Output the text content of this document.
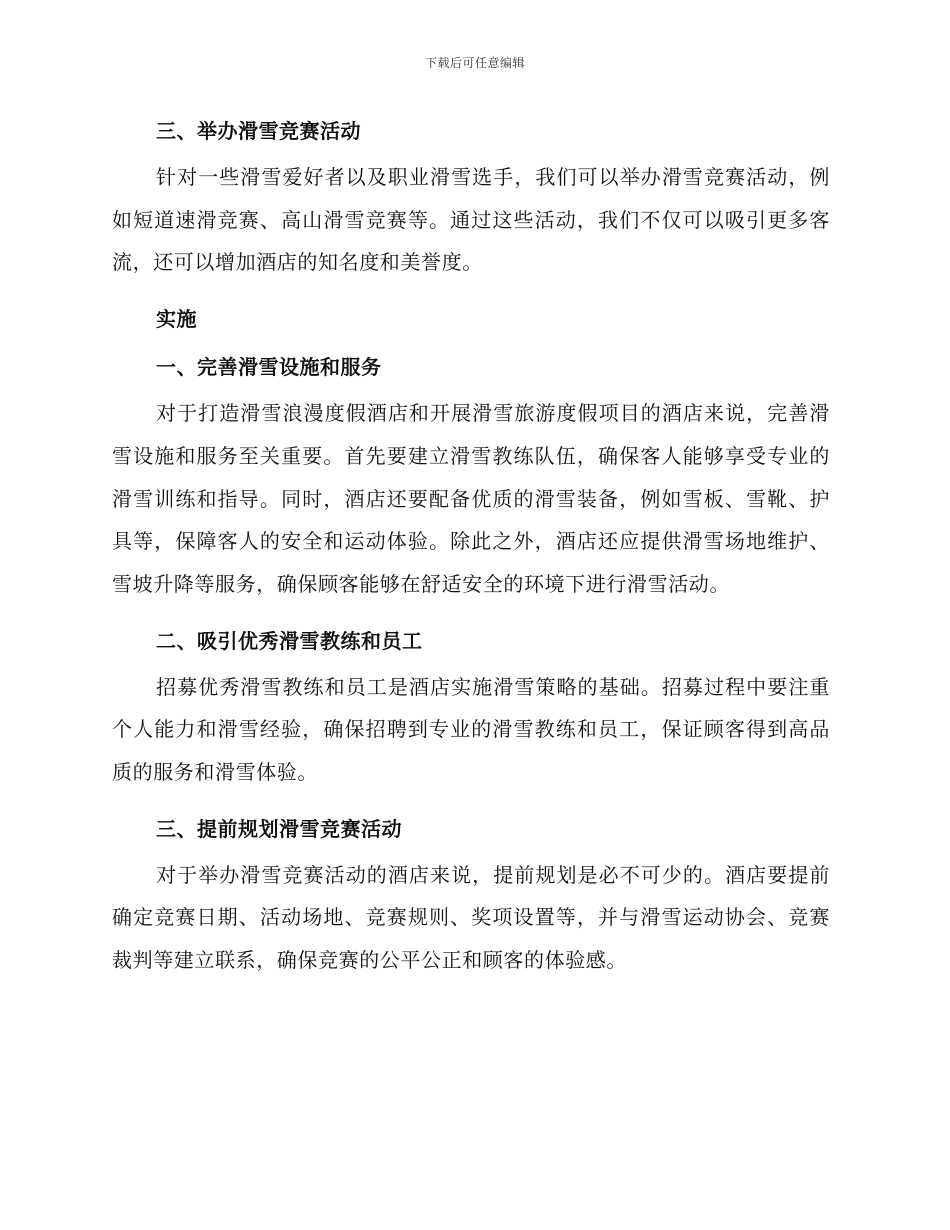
下载后可任意编辑
三、举办滑雪竞赛活动

针对一些滑雪爱好者以及职业滑雪选手，我们可以举办滑雪竞赛活动，例如短道速滑竞赛、高山滑雪竞赛等。通过这些活动，我们不仅可以吸引更多客流，还可以增加酒店的知名度和美誉度。

实施
一、完善滑雪设施和服务

对于打造滑雪浪漫度假酒店和开展滑雪旅游度假项目的酒店来说，完善滑雪设施和服务至关重要。首先要建立滑雪教练队伍，确保客人能够享受专业的滑雪训练和指导。同时，酒店还要配备优质的滑雪装备，例如雪板、雪靴、护具等，保障客人的安全和运动体验。除此之外，酒店还应提供滑雪场地维护、雪坡升降等服务，确保顾客能够在舒适安全的环境下进行滑雪活动。

二、吸引优秀滑雪教练和员工

招募优秀滑雪教练和员工是酒店实施滑雪策略的基础。招募过程中要注重个人能力和滑雪经验，确保招聘到专业的滑雪教练和员工，保证顾客得到高品质的服务和滑雪体验。

三、提前规划滑雪竞赛活动

对于举办滑雪竞赛活动的酒店来说，提前规划是必不可少的。酒店要提前确定竞赛日期、活动场地、竞赛规则、奖项设置等，并与滑雪运动协会、竞赛裁判等建立联系，确保竞赛的公平公正和顾客的体验感。
